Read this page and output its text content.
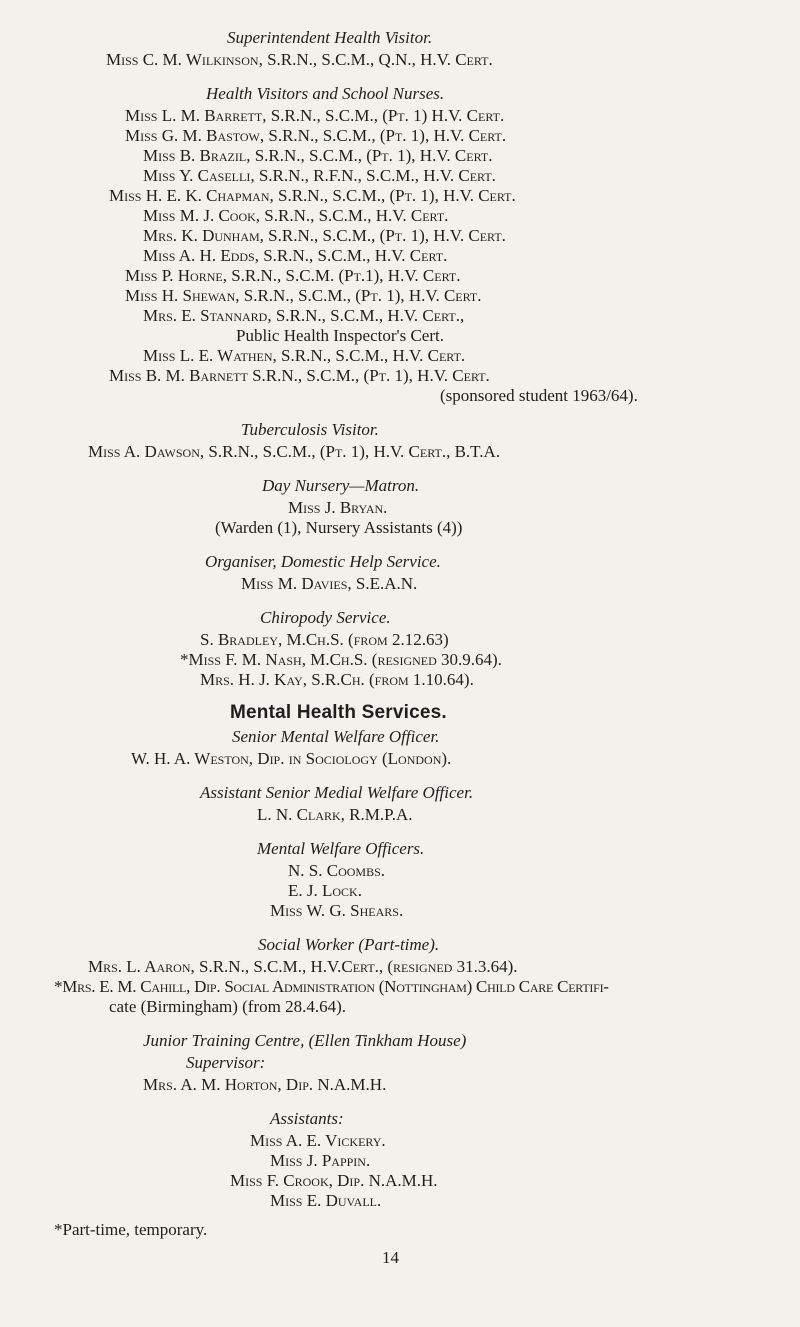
Superintendent Health Visitor.
Miss C. M. Wilkinson, S.R.N., S.C.M., Q.N., H.V. Cert.
Health Visitors and School Nurses.
Miss L. M. Barrett, S.R.N., S.C.M., (Pt. 1) H.V. Cert.
Miss G. M. Bastow, S.R.N., S.C.M., (Pt. 1), H.V. Cert.
Miss B. Brazil, S.R.N., S.C.M., (Pt. 1), H.V. Cert.
Miss Y. Caselli, S.R.N., R.F.N., S.C.M., H.V. Cert.
Miss H. E. K. Chapman, S.R.N., S.C.M., (Pt. 1), H.V. Cert.
Miss M. J. Cook, S.R.N., S.C.M., H.V. Cert.
Mrs. K. Dunham, S.R.N., S.C.M., (Pt. 1), H.V. Cert.
Miss A. H. Edds, S.R.N., S.C.M., H.V. Cert.
Miss P. Horne, S.R.N., S.C.M. (Pt.1), H.V. Cert.
Miss H. Shewan, S.R.N., S.C.M., (Pt. 1), H.V. Cert.
Mrs. E. Stannard, S.R.N., S.C.M., H.V. Cert.,
Public Health Inspector's Cert.
Miss L. E. Wathen, S.R.N., S.C.M., H.V. Cert.
Miss B. M. Barnett S.R.N., S.C.M., (Pt. 1), H.V. Cert.
(sponsored student 1963/64).
Tuberculosis Visitor.
Miss A. Dawson, S.R.N., S.C.M., (Pt. 1), H.V. Cert., B.T.A.
Day Nursery—Matron.
Miss J. Bryan.
(Warden (1), Nursery Assistants (4))
Organiser, Domestic Help Service.
Miss M. Davies, S.E.A.N.
Chiropody Service.
S. Bradley, M.Ch.S. (from 2.12.63)
*Miss F. M. Nash, M.Ch.S. (resigned 30.9.64).
Mrs. H. J. Kay, S.R.Ch. (from 1.10.64).
Mental Health Services.
Senior Mental Welfare Officer.
W. H. A. Weston, Dip. in Sociology (London).
Assistant Senior Medial Welfare Officer.
L. N. Clark, R.M.P.A.
Mental Welfare Officers.
N. S. Coombs.
E. J. Lock.
Miss W. G. Shears.
Social Worker (Part-time).
Mrs. L. Aaron, S.R.N., S.C.M., H.V.Cert., (resigned 31.3.64).
*Mrs. E. M. Cahill, Dip. Social Administration (Nottingham) Child Care Certifi-
cate (Birmingham) (from 28.4.64).
Junior Training Centre, (Ellen Tinkham House)
Supervisor:
Mrs. A. M. Horton, Dip. N.A.M.H.
Assistants:
Miss A. E. Vickery.
Miss J. Pappin.
Miss F. Crook, Dip. N.A.M.H.
Miss E. Duvall.
*Part-time, temporary.
14
